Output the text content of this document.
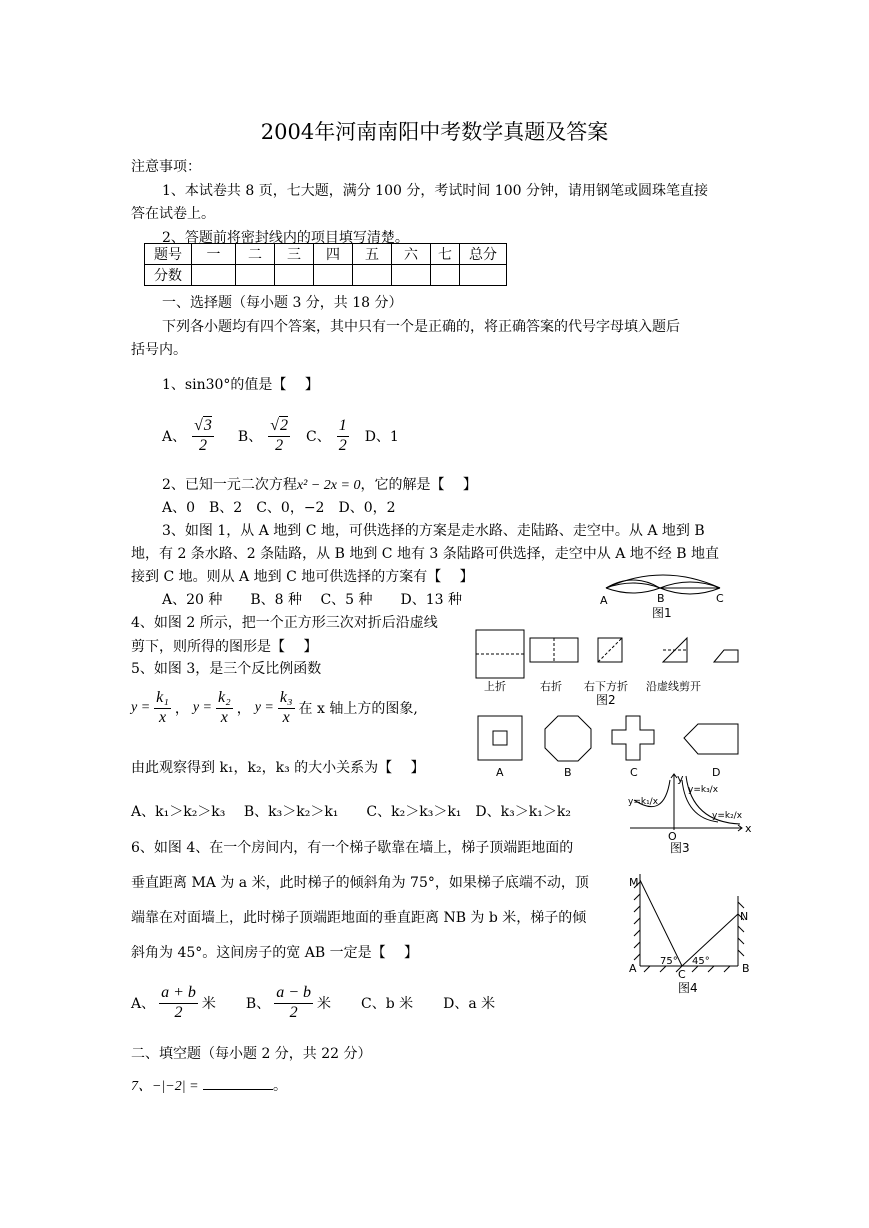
2004年河南南阳中考数学真题及答案
注意事项：
1、本试卷共 8 页，七大题，满分 100 分，考试时间 100 分钟，请用钢笔或圆珠笔直接
答在试卷上。
2、答题前将密封线内的项目填写清楚。
题号	一	二	三	四	五	六	七	总分
分数								
一、选择题（每小题 3 分，共 18 分）
下列各小题均有四个答案，其中只有一个是正确的，将正确答案的代号字母填入题后
括号内。
1、sin30°的值是【　 】
A、 $\frac{√3}{2}$ B、 $\frac{√2}{2}$ C、 $\frac{1}{2}$ D、1
2、已知一元二次方程x² − 2x = 0，它的解是【　 】
A、0　B、2　C、0，−2　D、0，2
3、如图 1，从 A 地到 C 地，可供选择的方案是走水路、走陆路、走空中。从 A 地到 B
地，有 2 条水路、2 条陆路，从 B 地到 C 地有 3 条陆路可供选择，走空中从 A 地不经 B 地直
接到 C 地。则从 A 地到 C 地可供选择的方案有【　 】
A、20 种　　B、8 种　 C、5 种　　D、13 种
4、如图 2 所示，把一个正方形三次对折后沿虚线
剪下，则所得的图形是【　 】
5、如图 3，是三个反比例函数
$y = \frac{\text{k₁}}{x}$ ， $y = \frac{\text{k₂}}{x}$ ， $y = \frac{\text{k₃}}{x}$ 在 x 轴上方的图象,
由此观察得到 k₁，k₂，k₃ 的大小关系为【　 】
A、k₁＞k₂＞k₃　 B、k₃＞k₂＞k₁　　C、k₂＞k₃＞k₁　D、k₃＞k₁＞k₂
6、如图 4、在一个房间内，有一个梯子歇靠在墙上，梯子顶端距地面的
垂直距离 MA 为 a 米，此时梯子的倾斜角为 75°，如果梯子底端不动，顶
端靠在对面墙上，此时梯子顶端距地面的垂直距离 NB 为 b 米，梯子的倾
斜角为 45°。这间房子的宽 AB 一定是【　 】
A、 $\frac{a + b}{2}$ 米 B、 $\frac{a - b}{2}$ 米 C、b 米 D、a 米
二、填空题（每小题 2 分，共 22 分）
7、−|−2| =	。
A	B	C
图1
上折	右折 右下方折 沿虚线剪开
图2
A	B	C	D
y
x
O
y=k₁/x
y=k₃/x
y=k₂/x
图3
M
N
A	B
C
75° 45°
图4
